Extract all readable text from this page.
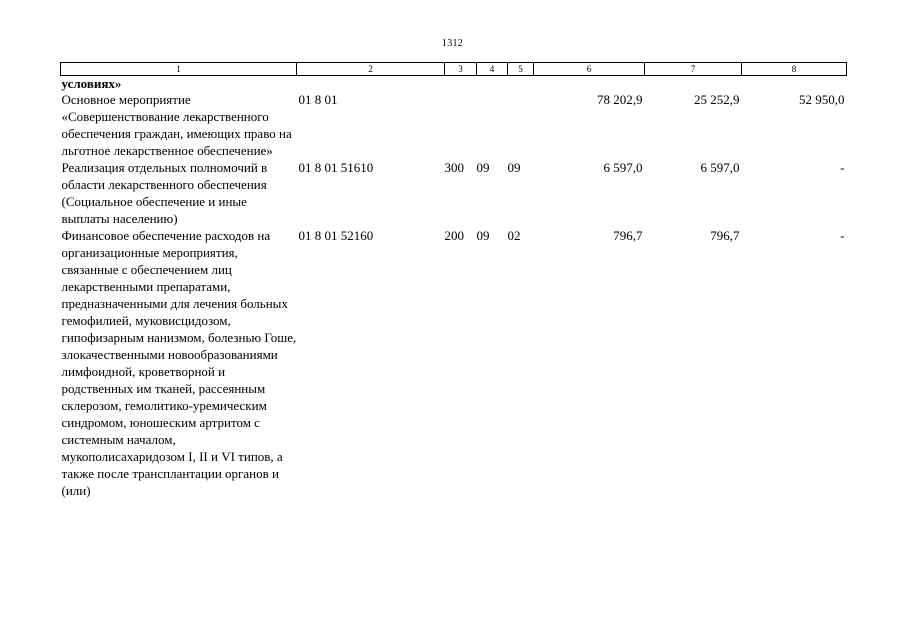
1312
1	2	3	4	5	6	7	8
условиях»							
Основное мероприятие «Совершенствование лекарственного обеспечения граждан, имеющих право на льготное лекарственное обеспечение»	01 8 01				78 202,9	25 252,9	52 950,0
Реализация отдельных полномочий в области лекарственного обеспечения (Социальное обеспечение и иные выплаты населению)	01 8 01 51610	300	09	09	6 597,0	6 597,0	-
Финансовое обеспечение расходов на организационные мероприятия, связанные с обеспечением лиц лекарственными препаратами, предназначенными для лечения больных гемофилией, муковисцидозом, гипофизарным нанизмом, болезнью Гоше, злокачественными новообразованиями лимфоидной, кроветворной и родственных им тканей, рассеянным склерозом, гемолитико-уремическим синдромом, юношеским артритом с системным началом, мукополисахаридозом I, II и VI типов, а также после трансплантации органов и (или)	01 8 01 52160	200	09	02	796,7	796,7	-
